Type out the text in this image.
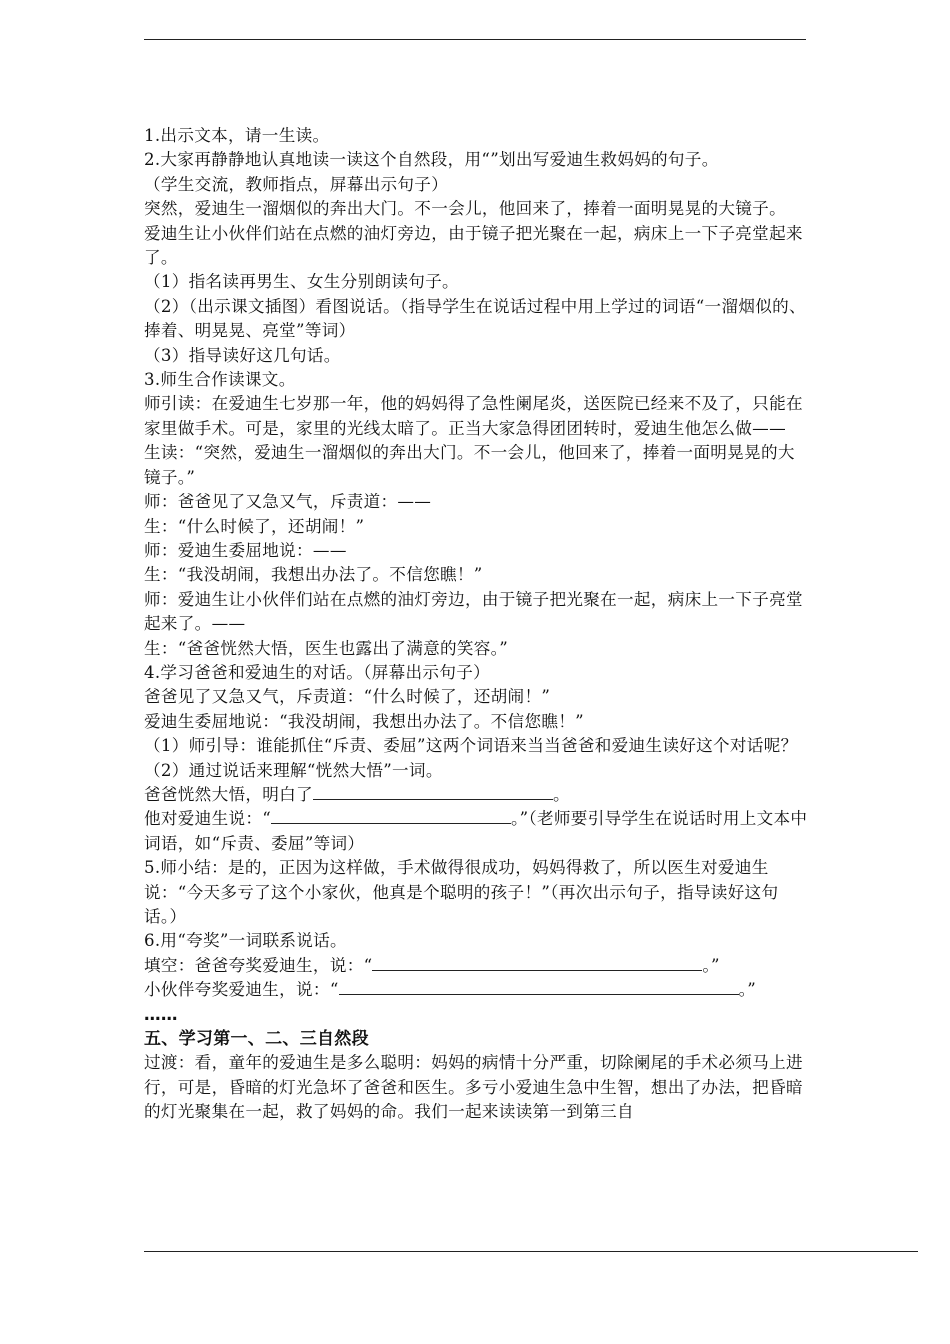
1.出示文本，请一生读。
2.大家再静静地认真地读一读这个自然段，用“”划出写爱迪生救妈妈的句子。
（学生交流，教师指点，屏幕出示句子）
突然，爱迪生一溜烟似的奔出大门。不一会儿，他回来了，捧着一面明晃晃的大镜子。
爱迪生让小伙伴们站在点燃的油灯旁边，由于镜子把光聚在一起，病床上一下子亮堂起来了。
（1）指名读再男生、女生分别朗读句子。
（2）（出示课文插图）看图说话。（指导学生在说话过程中用上学过的词语“一溜烟似的、捧着、明晃晃、亮堂”等词）
（3）指导读好这几句话。
3.师生合作读课文。
师引读：在爱迪生七岁那一年，他的妈妈得了急性阑尾炎，送医院已经来不及了，只能在家里做手术。可是，家里的光线太暗了。正当大家急得团团转时，爱迪生他怎么做——
生读：“突然，爱迪生一溜烟似的奔出大门。不一会儿，他回来了，捧着一面明晃晃的大镜子。”
师：爸爸见了又急又气，斥责道：——
生：“什么时候了，还胡闹！”
师：爱迪生委屈地说：——
生：“我没胡闹，我想出办法了。不信您瞧！”
师：爱迪生让小伙伴们站在点燃的油灯旁边，由于镜子把光聚在一起，病床上一下子亮堂起来了。——
生：“爸爸恍然大悟，医生也露出了满意的笑容。”
4.学习爸爸和爱迪生的对话。（屏幕出示句子）
爸爸见了又急又气，斥责道：“什么时候了，还胡闹！”
爱迪生委屈地说：“我没胡闹，我想出办法了。不信您瞧！”
（1）师引导：谁能抓住“斥责、委屈”这两个词语来当当爸爸和爱迪生读好这个对话呢？
（2）通过说话来理解“恍然大悟”一词。
爸爸恍然大悟，明白了	。
他对爱迪生说：“	。”（老师要引导学生在说话时用上文本中词语，如“斥责、委屈”等词）
5.师小结：是的，正因为这样做，手术做得很成功，妈妈得救了，所以医生对爱迪生说：“今天多亏了这个小家伙，他真是个聪明的孩子！”（再次出示句子，指导读好这句话。）
6.用“夸奖”一词联系说话。
填空：爸爸夸奖爱迪生，说：“	。”
小伙伴夸奖爱迪生，说：“	。”
……
五、学习第一、二、三自然段
过渡：看，童年的爱迪生是多么聪明：妈妈的病情十分严重，切除阑尾的手术必须马上进行，可是，昏暗的灯光急坏了爸爸和医生。多亏小爱迪生急中生智，想出了办法，把昏暗的灯光聚集在一起，救了妈妈的命。我们一起来读读第一到第三自
